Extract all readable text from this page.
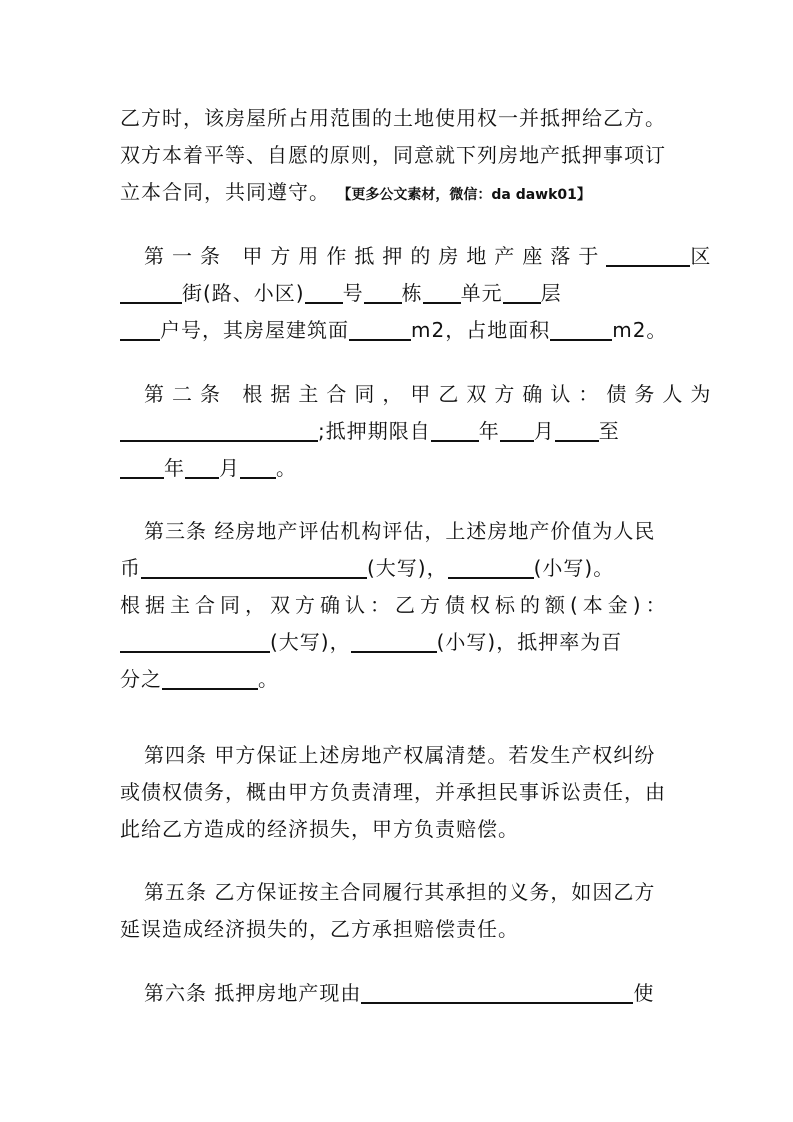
乙方时，该房屋所占用范围的土地使用权一并抵押给乙方。
双方本着平等、自愿的原则，同意就下列房地产抵押事项订
立本合同，共同遵守。 【更多公文素材，微信：da dawk01】
第一条 甲方用作抵押的房地产座落于	区
街(路、小区) 号 栋 单元 层
户号，其房屋建筑面	m2，占地面积	m2。
第二条 根据主合同，甲乙双方确认：债务人为
;抵押期限自 年 月 至
年 月 。
第三条 经房地产评估机构评估，上述房地产价值为人民
币	(大写)，	(小写)。
根据主合同，双方确认：乙方债权标的额(本金)：
(大写)，	(小写)，抵押率为百
分之	。
第四条 甲方保证上述房地产权属清楚。若发生产权纠纷
或债权债务，概由甲方负责清理，并承担民事诉讼责任，由
此给乙方造成的经济损失，甲方负责赔偿。
第五条 乙方保证按主合同履行其承担的义务，如因乙方
延误造成经济损失的，乙方承担赔偿责任。
第六条 抵押房地产现由	使
